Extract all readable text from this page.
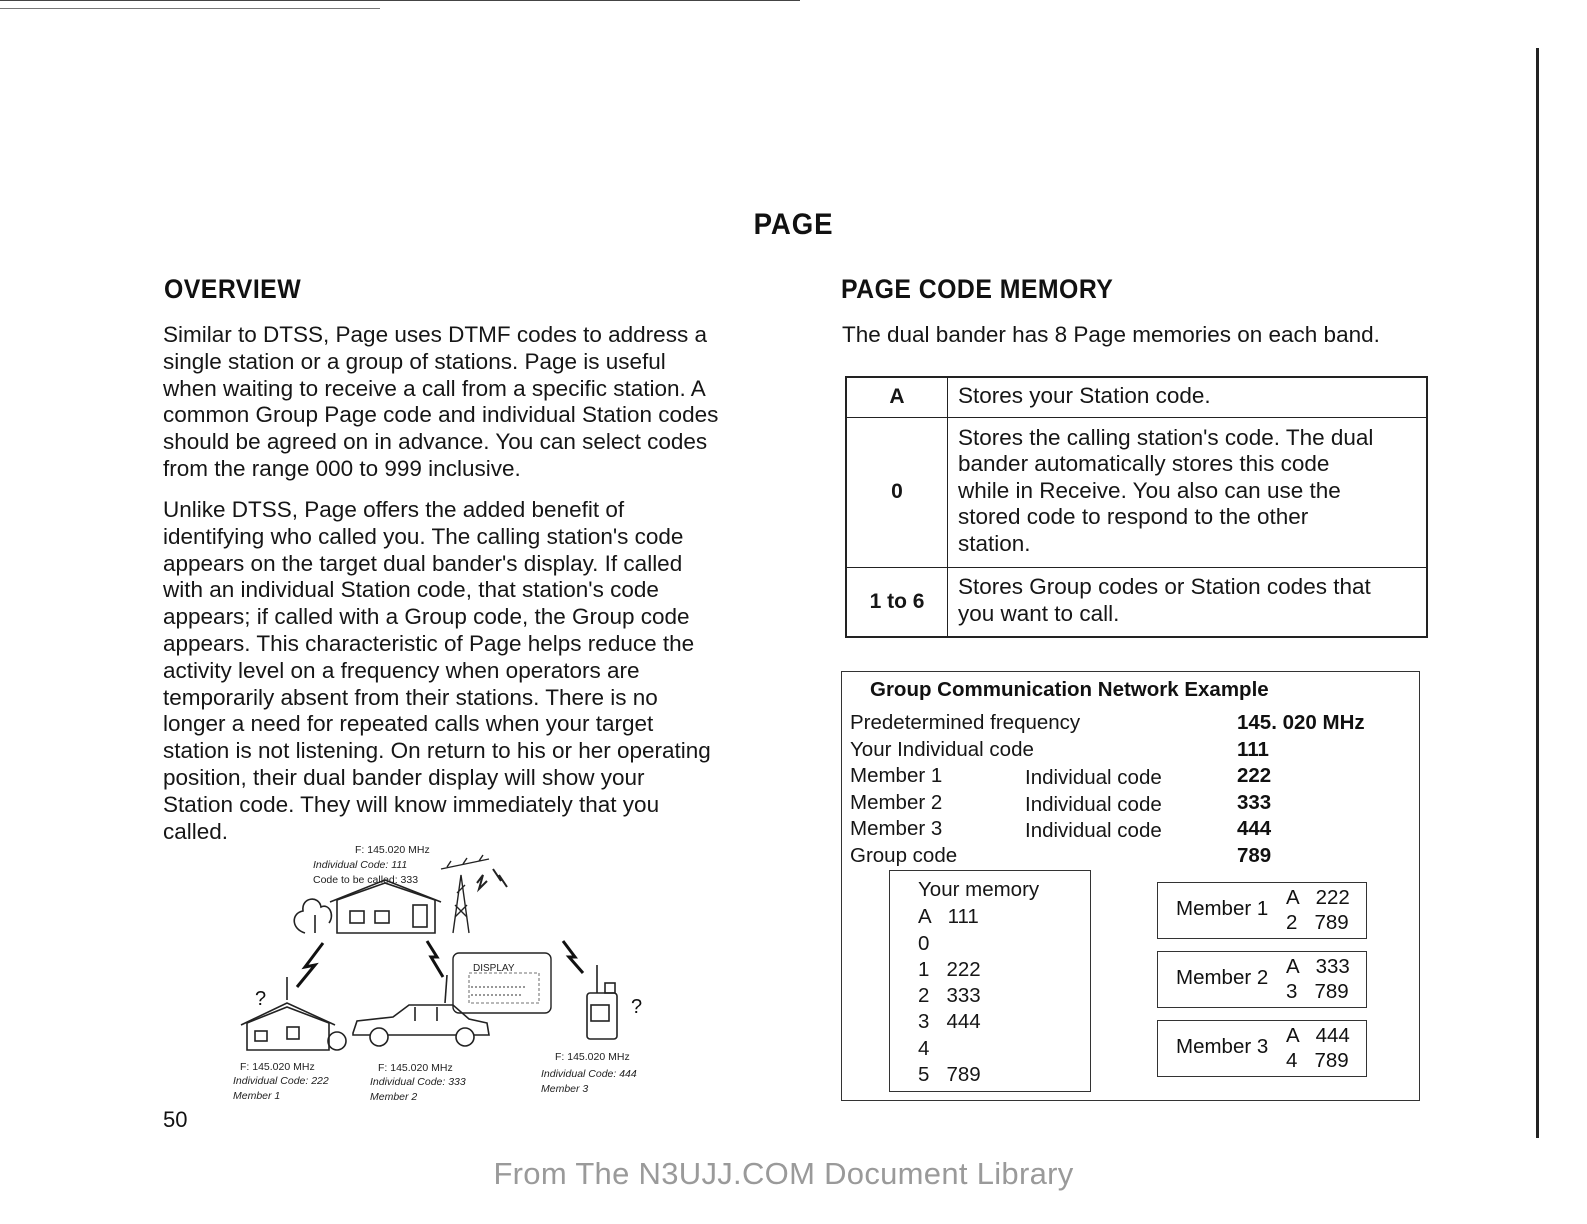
PAGE
OVERVIEW
Similar to DTSS, Page uses DTMF codes to address a
single station or a group of stations. Page is useful
when waiting to receive a call from a specific station. A
common Group Page code and individual Station codes
should be agreed on in advance. You can select codes
from the range 000 to 999 inclusive.
Unlike DTSS, Page offers the added benefit of
identifying who called you. The calling station's code
appears on the target dual bander's display. If called
with an individual Station code, that station's code
appears; if called with a Group code, the Group code
appears. This characteristic of Page helps reduce the
activity level on a frequency when operators are
temporarily absent from their stations. There is no
longer a need for repeated calls when your target
station is not listening. On return to his or her operating
position, their dual bander display will show your
Station code. They will know immediately that you
called.
DISPLAY
?	?
F: 145.020 MHz
Individual Code: 111
Code to be called: 333
F: 145.020 MHz
Individual Code: 222
Member 1
F: 145.020 MHz
Individual Code: 333
Member 2
F: 145.020 MHz
Individual Code: 444
Member 3
50
PAGE CODE MEMORY
The dual bander has 8 Page memories on each band.
A	Stores your Station code.
0	Stores the calling station's code. The dual
bander automatically stores this code
while in Receive. You also can use the
stored code to respond to the other
station.
1 to 6	Stores Group codes or Station codes that
you want to call.
Group Communication Network Example
Predetermined frequency	145. 020 MHz
Your Individual code	111
Member 1	Individual code	222
Member 2	Individual code	333
Member 3	Individual code	444
Group code	789
Your memory
A   111
0
1   222
2   333
3   444
4
5   789
Member 1 A   222
2   789
Member 2 A   333
3   789
Member 3 A   444
4   789
From The N3UJJ.COM Document Library
